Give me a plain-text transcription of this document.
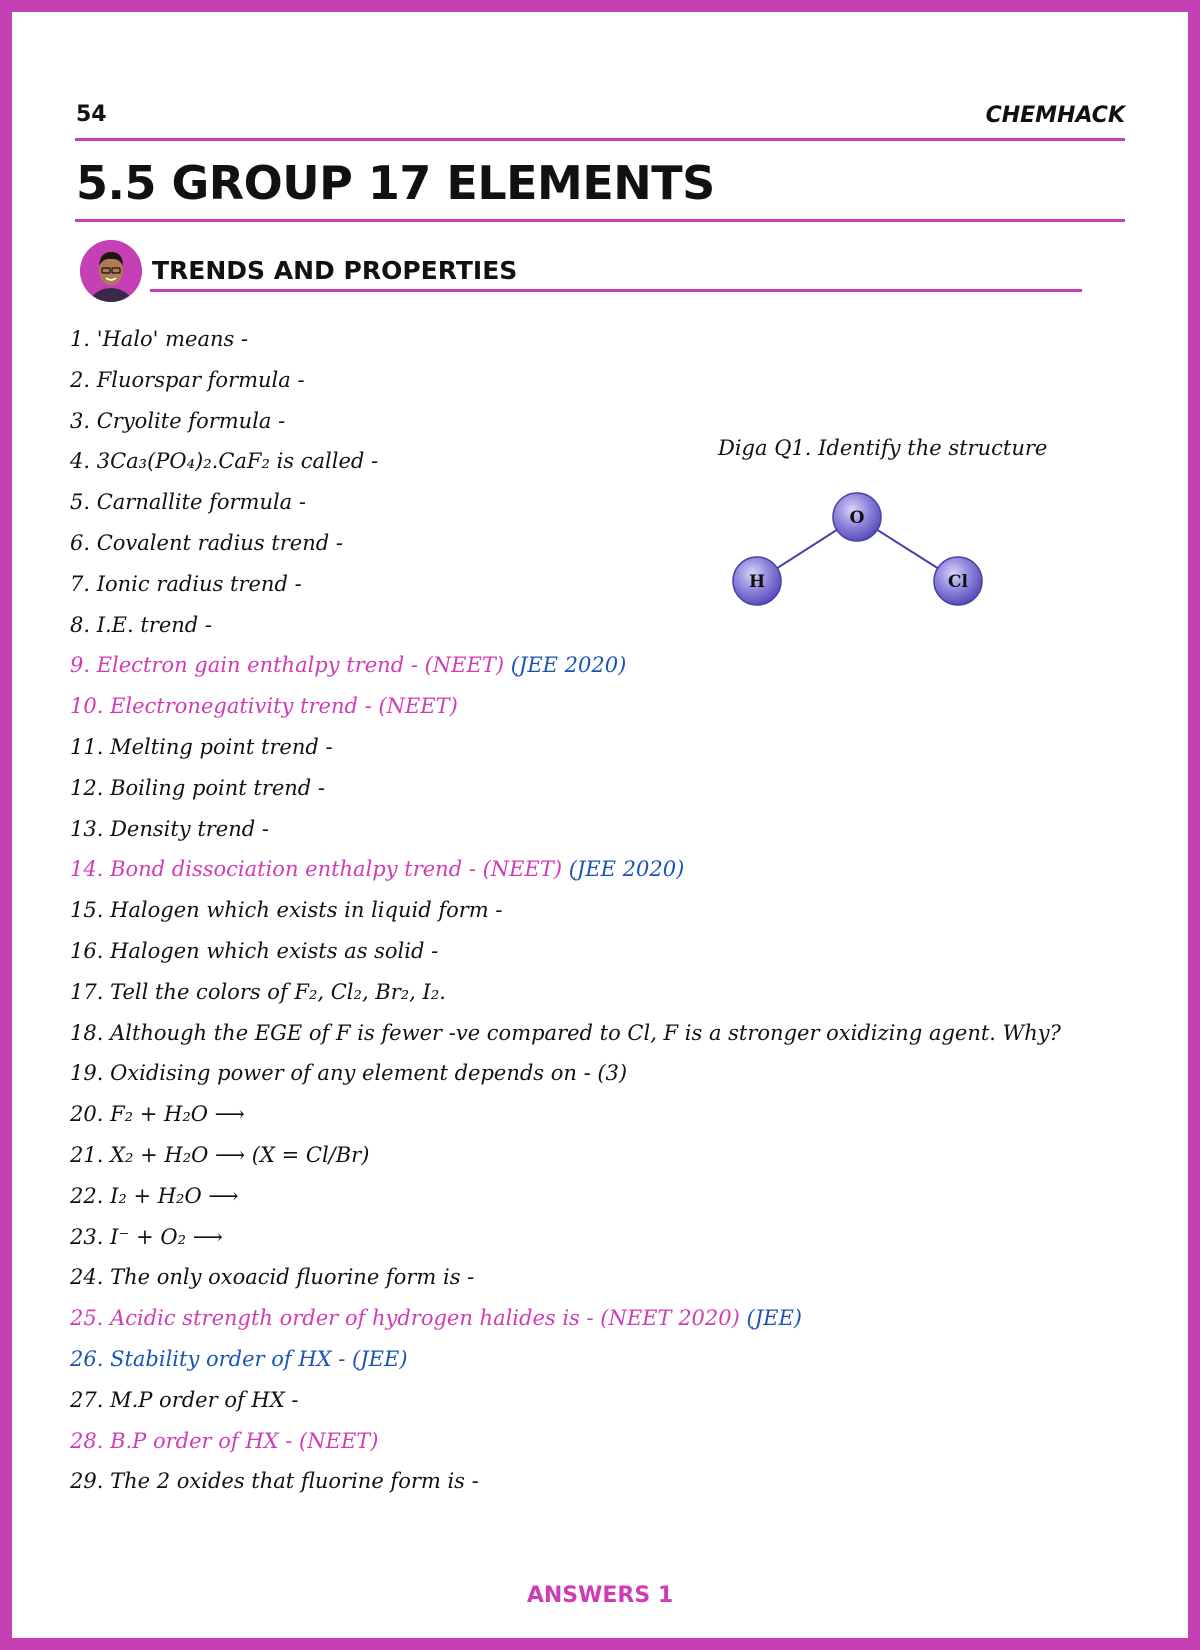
54	CHEMHACK
5.5 GROUP 17 ELEMENTS
TRENDS AND PROPERTIES
1. 'Halo' means -
2. Fluorspar formula -
3. Cryolite formula -
4. 3Ca₃(PO₄)₂.CaF₂ is called -
5. Carnallite formula -
6. Covalent radius trend -
7. Ionic radius trend -
8. I.E. trend -
9. Electron gain enthalpy trend - (NEET) (JEE 2020)
10. Electronegativity trend - (NEET)
11. Melting point trend -
12. Boiling point trend -
13. Density trend -
14. Bond dissociation enthalpy trend - (NEET) (JEE 2020)
15. Halogen which exists in liquid form -
16. Halogen which exists as solid -
17. Tell the colors of F₂, Cl₂, Br₂, I₂.
18. Although the EGE of F is fewer -ve compared to Cl, F is a stronger oxidizing agent. Why?
19. Oxidising power of any element depends on - (3)
20. F₂ + H₂O ⟶
21. X₂ + H₂O ⟶ (X = Cl/Br)
22. I₂ + H₂O ⟶
23. I⁻ + O₂ ⟶
24. The only oxoacid fluorine form is -
25. Acidic strength order of hydrogen halides is - (NEET 2020) (JEE)
26. Stability order of HX - (JEE)
27. M.P order of HX -
28. B.P order of HX - (NEET)
29. The 2 oxides that fluorine form is -
Diga Q1. Identify the structure
O
H	Cl
ANSWERS 1
